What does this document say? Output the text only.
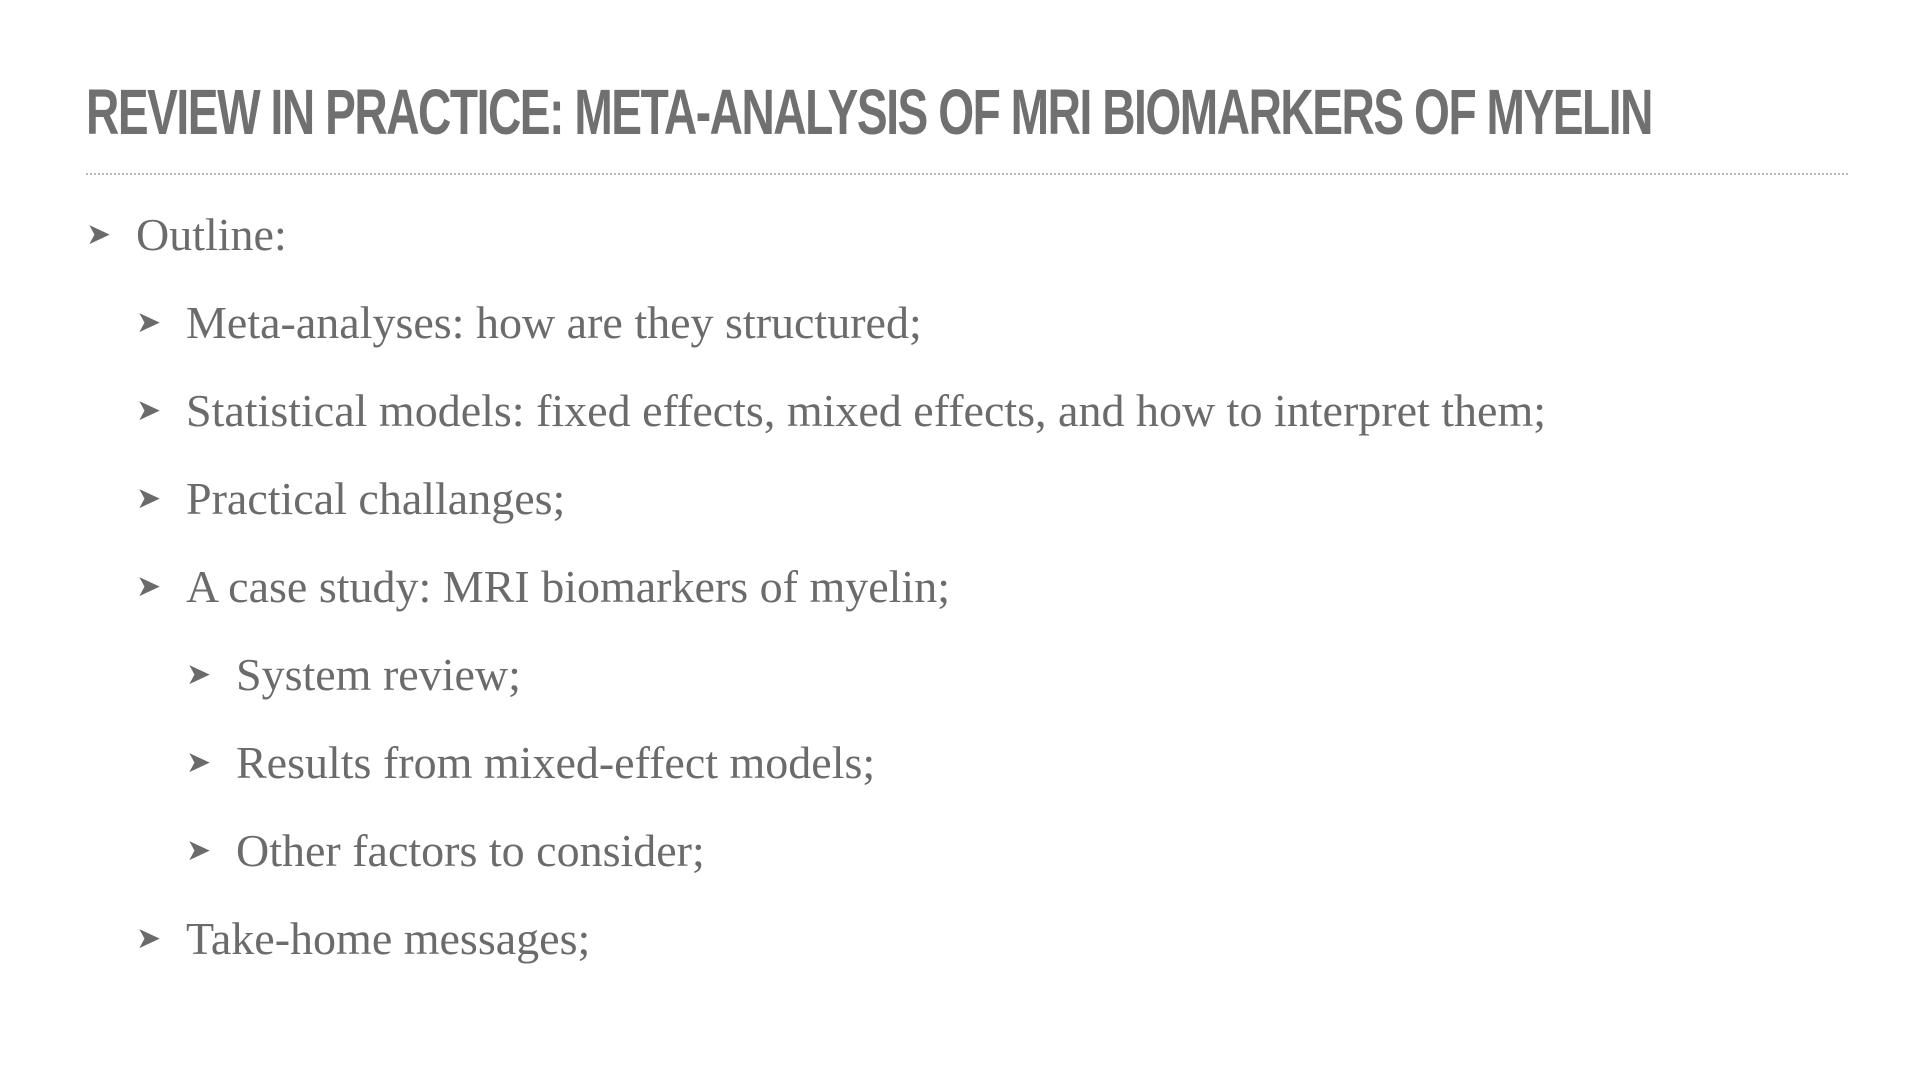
REVIEW IN PRACTICE: META-ANALYSIS OF MRI BIOMARKERS OF MYELIN
➤ Outline:
➤ Meta-analyses: how are they structured;
➤ Statistical models: fixed effects, mixed effects, and how to interpret them;
➤ Practical challanges;
➤ A case study: MRI biomarkers of myelin;
➤ System review;
➤ Results from mixed-effect models;
➤ Other factors to consider;
➤ Take-home messages;
